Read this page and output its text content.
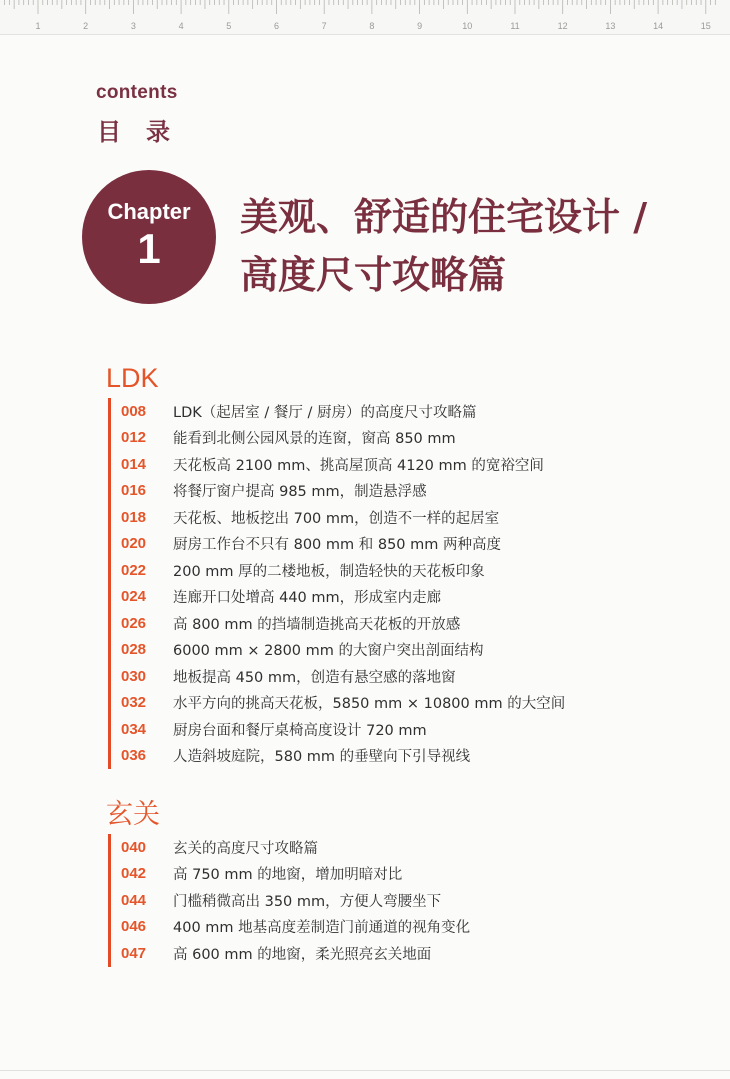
1	2	3	4	5	6	7	8	9	10	11	12	13	14	15
contents
目录
Chapter
1
美观、舒适的住宅设计 /
高度尺寸攻略篇
LDK
008	LDK（起居室 / 餐厅 / 厨房）的高度尺寸攻略篇
012	能看到北侧公园风景的连窗，窗高 850 mm
014	天花板高 2100 mm、挑高屋顶高 4120 mm 的宽裕空间
016	将餐厅窗户提高 985 mm，制造悬浮感
018	天花板、地板挖出 700 mm，创造不一样的起居室
020	厨房工作台不只有 800 mm 和 850 mm 两种高度
022	200 mm 厚的二楼地板，制造轻快的天花板印象
024	连廊开口处增高 440 mm，形成室内走廊
026	高 800 mm 的挡墙制造挑高天花板的开放感
028	6000 mm × 2800 mm 的大窗户突出剖面结构
030	地板提高 450 mm，创造有悬空感的落地窗
032	水平方向的挑高天花板，5850 mm × 10800 mm 的大空间
034	厨房台面和餐厅桌椅高度设计 720 mm
036	人造斜坡庭院，580 mm 的垂壁向下引导视线
玄关
040	玄关的高度尺寸攻略篇
042	高 750 mm 的地窗，增加明暗对比
044	门槛稍微高出 350 mm，方便人弯腰坐下
046	400 mm 地基高度差制造门前通道的视角变化
047	高 600 mm 的地窗，柔光照亮玄关地面
